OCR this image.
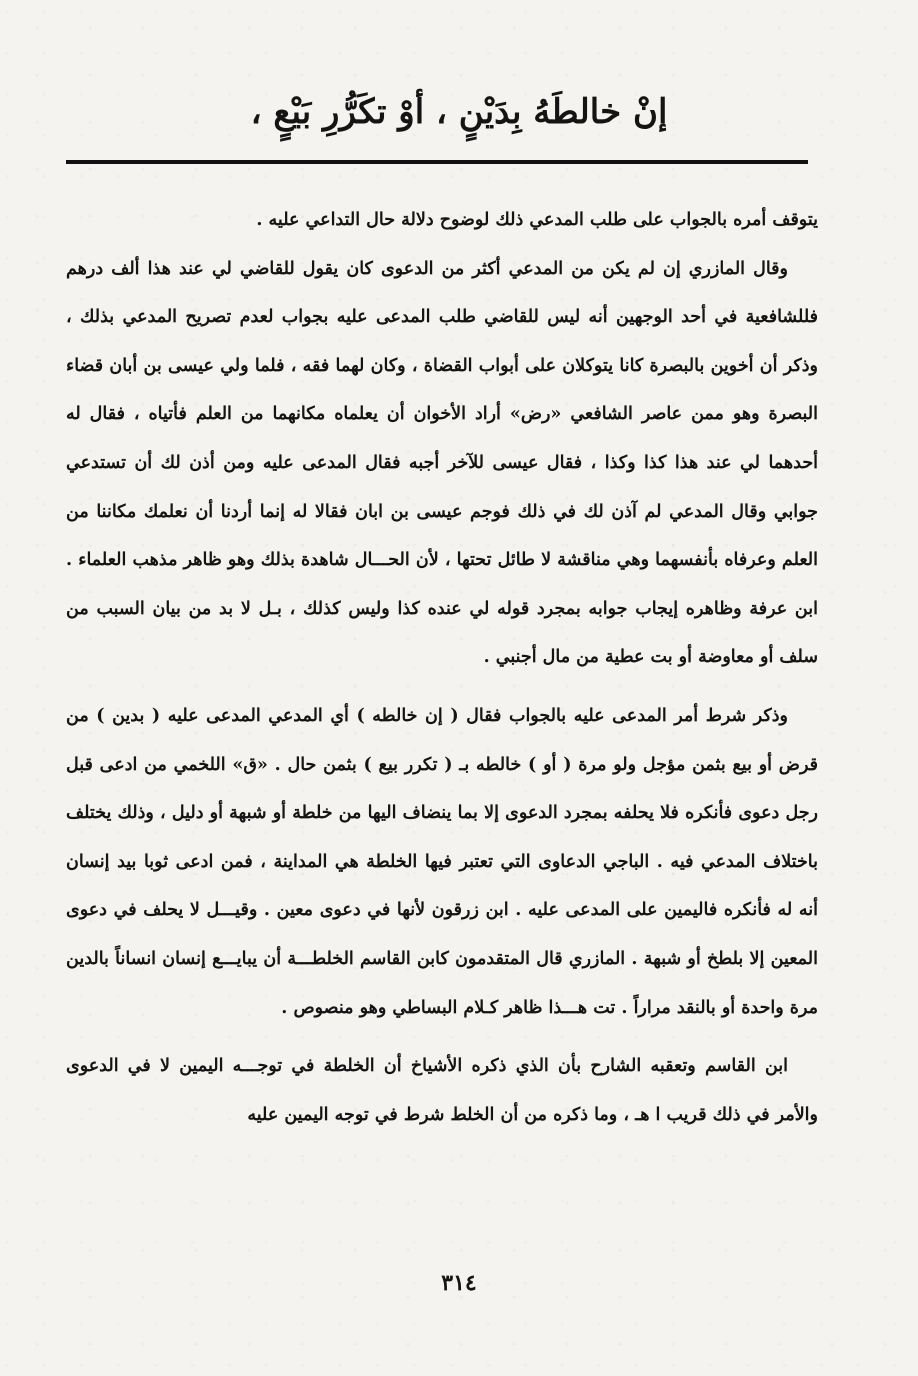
إنْ خالطَهُ بِدَيْنٍ ، أوْ تكَرُّرِ بَيْعٍ ،

يتوقف أمره بالجواب على طلب المدعي ذلك لوضوح دلالة حال التداعي عليه .

وقال المازري إن لم يكن من المدعي أكثر من الدعوى كان يقول للقاضي لي عند هذا ألف درهم فللشافعية في أحد الوجهين أنه ليس للقاضي طلب المدعى عليه بجواب لعدم تصريح المدعي بذلك ، وذكر أن أخوين بالبصرة كانا يتوكلان على أبواب القضاة ، وكان لهما فقه ، فلما ولي عيسى بن أبان قضاء البصرة وهو ممن عاصر الشافعي «رض» أراد الأخوان أن يعلماه مكانهما من العلم فأتياه ، فقال له أحدهما لي عند هذا كذا وكذا ، فقال عيسى للآخر أجبه فقال المدعى عليه ومن أذن لك أن تستدعي جوابي وقال المدعي لم آذن لك في ذلك فوجم عيسى بن ابان فقالا له إنما أردنا أن نعلمك مكاننا من العلم وعرفاه بأنفسهما وهي مناقشة لا طائل تحتها ، لأن الحـــال شاهدة بذلك وهو ظاهر مذهب العلماء . ابن عرفة وظاهره إيجاب جوابه بمجرد قوله لي عنده كذا وليس كذلك ، بـل لا بد من بيان السبب من سلف أو معاوضة أو بت عطية من مال أجنبي .

وذكر شرط أمر المدعى عليه بالجواب فقال ( إن خالطه ) أي المدعي المدعى عليه ( بدين ) من قرض أو بيع بثمن مؤجل ولو مرة ( أو ) خالطه بـ ( تكرر بيع ) بثمن حال . «ق» اللخمي من ادعى قبل رجل دعوى فأنكره فلا يحلفه بمجرد الدعوى إلا بما ينضاف اليها من خلطة أو شبهة أو دليل ، وذلك يختلف باختلاف المدعي فيه . الباجي الدعاوى التي تعتبر فيها الخلطة هي المداينة ، فمن ادعى ثوبا بيد إنسان أنه له فأنكره فاليمين على المدعى عليه . ابن زرقون لأنها في دعوى معين . وقيـــل لا يحلف في دعوى المعين إلا بلطخ أو شبهة . المازري قال المتقدمون كابن القاسم الخلطـــة أن يبايـــع إنسان انساناً بالدين مرة واحدة أو بالنقد مراراً . تت هـــذا ظاهر كـلام البساطي وهو منصوص .

ابن القاسم وتعقبه الشارح بأن الذي ذكره الأشياخ أن الخلطة في توجـــه اليمين لا في الدعوى والأمر في ذلك قريب ا هـ ، وما ذكره من أن الخلط شرط في توجه اليمين عليه

٣١٤
